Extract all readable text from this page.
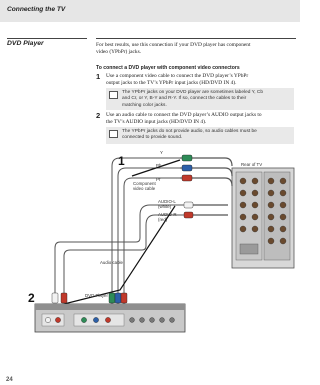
Connecting the TV
DVD Player	For best results, use this connection if your DVD player has component
video (YPbPr) jacks.
To connect a DVD player with component video connectors
1 Use a component video cable to connect the DVD player’s YPbPr
output jacks to the TV’s YPbPr input jacks (HD/DVD IN 4).
The YPbPr jacks on your DVD player are sometimes labeled Y, Cb
and Cr, or Y, B-Y and R-Y. If so, connect the cables to their
matching color jacks.
2 Use an audio cable to connect the DVD player’s AUDIO output jacks to
the TV’s AUDIO input jacks (HD/DVD IN 4).
The YPbPr jacks do not provide audio, so audio cables must be
connected to provide sound.
Y
Pb
Pr
Component
video cable
AUDIO-L
(white)
AUDIO-R
(red)
Rear of TV
Audio cable
DVD Player
1
2
24
